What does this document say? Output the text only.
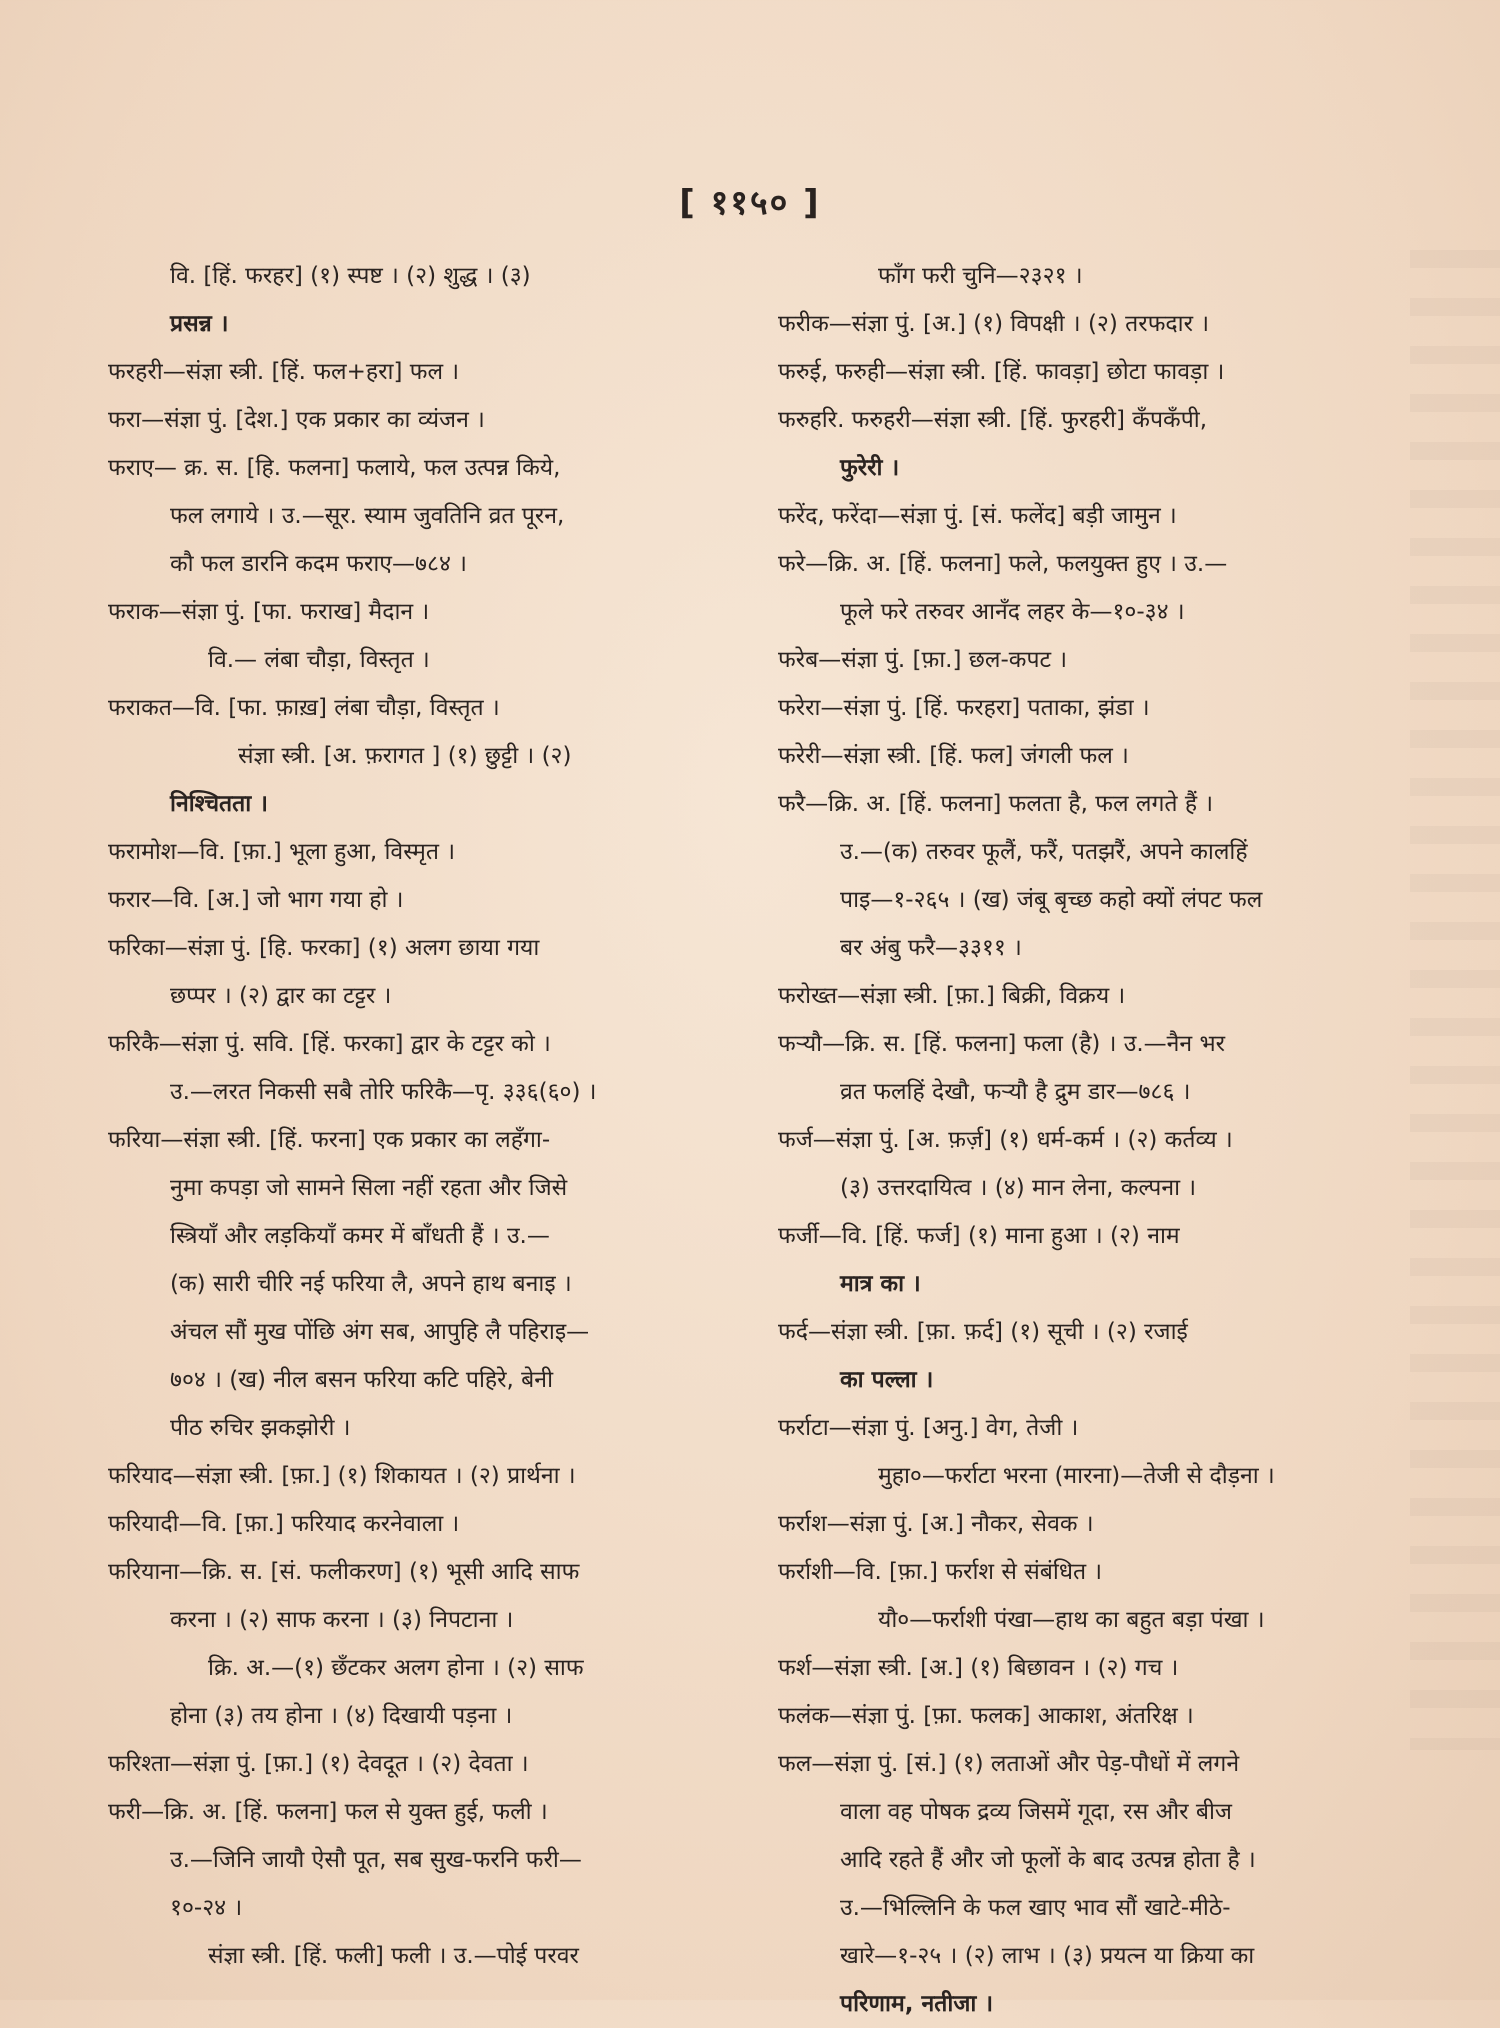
[ ११५० ]
वि. [हिं. फरहर] (१) स्पष्ट । (२) शुद्ध । (३)
प्रसन्न ।
फरहरी—संज्ञा स्त्री. [हिं. फल+हरा] फल ।
फरा—संज्ञा पुं. [देश.] एक प्रकार का व्यंजन ।
फराए— क्र. स. [हि. फलना] फलाये, फल उत्पन्न किये,
फल लगाये । उ.—सूर. स्याम जुवतिनि व्रत पूरन,
कौ फल डारनि कदम फराए—७८४ ।
फराक—संज्ञा पुं. [फा. फराख] मैदान ।
वि.— लंबा चौड़ा, विस्तृत ।
फराकत—वि. [फा. फ़ाख़] लंबा चौड़ा, विस्तृत ।
संज्ञा स्त्री. [अ. फ़रागत ] (१) छुट्टी । (२)
निश्चितता ।
फरामोश—वि. [फ़ा.] भूला हुआ, विस्मृत ।
फरार—वि. [अ.] जो भाग गया हो ।
फरिका—संज्ञा पुं. [हि. फरका] (१) अलग छाया गया
छप्पर । (२) द्वार का टट्टर ।
फरिकै—संज्ञा पुं. सवि. [हिं. फरका] द्वार के टट्टर को ।
उ.—लरत निकसी सबै तोरि फरिकै—पृ. ३३६(६०) ।
फरिया—संज्ञा स्त्री. [हिं. फरना] एक प्रकार का लहँगा-
नुमा कपड़ा जो सामने सिला नहीं रहता और जिसे
स्त्रियाँ और लड़कियाँ कमर में बाँधती हैं । उ.—
(क) सारी चीरि नई फरिया लै, अपने हाथ बनाइ ।
अंचल सौं मुख पोंछि अंग सब, आपुहि लै पहिराइ—
७०४ । (ख) नील बसन फरिया कटि पहिरे, बेनी
पीठ रुचिर झकझोरी ।
फरियाद—संज्ञा स्त्री. [फ़ा.] (१) शिकायत । (२) प्रार्थना ।
फरियादी—वि. [फ़ा.] फरियाद करनेवाला ।
फरियाना—क्रि. स. [सं. फलीकरण] (१) भूसी आदि साफ
करना । (२) साफ करना । (३) निपटाना ।
क्रि. अ.—(१) छँटकर अलग होना । (२) साफ
होना (३) तय होना । (४) दिखायी पड़ना ।
फरिश्ता—संज्ञा पुं. [फ़ा.] (१) देवदूत । (२) देवता ।
फरी—क्रि. अ. [हिं. फलना] फल से युक्त हुई, फली ।
उ.—जिनि जायौ ऐसौ पूत, सब सुख-फरनि फरी—
१०-२४ ।
संज्ञा स्त्री. [हिं. फली] फली । उ.—पोई परवर
फाँग फरी चुनि—२३२१ ।
फरीक—संज्ञा पुं. [अ.] (१) विपक्षी । (२) तरफदार ।
फरुई, फरुही—संज्ञा स्त्री. [हिं. फावड़ा] छोटा फावड़ा ।
फरुहरि. फरुहरी—संज्ञा स्त्री. [हिं. फुरहरी] कँपकँपी,
फुरेरी ।
फरेंद, फरेंदा—संज्ञा पुं. [सं. फलेंद] बड़ी जामुन ।
फरे—क्रि. अ. [हिं. फलना] फले, फलयुक्त हुए । उ.—
फूले फरे तरुवर आनँद लहर के—१०-३४ ।
फरेब—संज्ञा पुं. [फ़ा.] छल-कपट ।
फरेरा—संज्ञा पुं. [हिं. फरहरा] पताका, झंडा ।
फरेरी—संज्ञा स्त्री. [हिं. फल] जंगली फल ।
फरै—क्रि. अ. [हिं. फलना] फलता है, फल लगते हैं ।
उ.—(क) तरुवर फूलैं, फरैं, पतझरैं, अपने कालहिं
पाइ—१-२६५ । (ख) जंबू बृच्छ कहो क्यों लंपट फल
बर अंबु फरै—३३११ ।
फरोख्त—संज्ञा स्त्री. [फ़ा.] बिक्री, विक्रय ।
फर्‍यौ—क्रि. स. [हिं. फलना] फला (है) । उ.—नैन भर
व्रत फलहिं देखौ, फर्‍यौ है द्रुम डार—७८६ ।
फर्ज—संज्ञा पुं. [अ. फ़र्ज़] (१) धर्म-कर्म । (२) कर्तव्य ।
(३) उत्तरदायित्व । (४) मान लेना, कल्पना ।
फर्जी—वि. [हिं. फर्ज] (१) माना हुआ । (२) नाम
मात्र का ।
फर्द—संज्ञा स्त्री. [फ़ा. फ़र्द] (१) सूची । (२) रजाई
का पल्ला ।
फर्राटा—संज्ञा पुं. [अनु.] वेग, तेजी ।
मुहा०—फर्राटा भरना (मारना)—तेजी से दौड़ना ।
फर्राश—संज्ञा पुं. [अ.] नौकर, सेवक ।
फर्राशी—वि. [फ़ा.] फर्राश से संबंधित ।
यौ०—फर्राशी पंखा—हाथ का बहुत बड़ा पंखा ।
फर्श—संज्ञा स्त्री. [अ.] (१) बिछावन । (२) गच ।
फलंक—संज्ञा पुं. [फ़ा. फलक] आकाश, अंतरिक्ष ।
फल—संज्ञा पुं. [सं.] (१) लताओं और पेड़-पौधों में लगने
वाला वह पोषक द्रव्य जिसमें गूदा, रस और बीज
आदि रहते हैं और जो फूलों के बाद उत्पन्न होता है ।
उ.—भिल्लिनि के फल खाए भाव सौं खाटे-मीठे-
खारे—१-२५ । (२) लाभ । (३) प्रयत्न या क्रिया का
परिणाम, नतीजा ।
